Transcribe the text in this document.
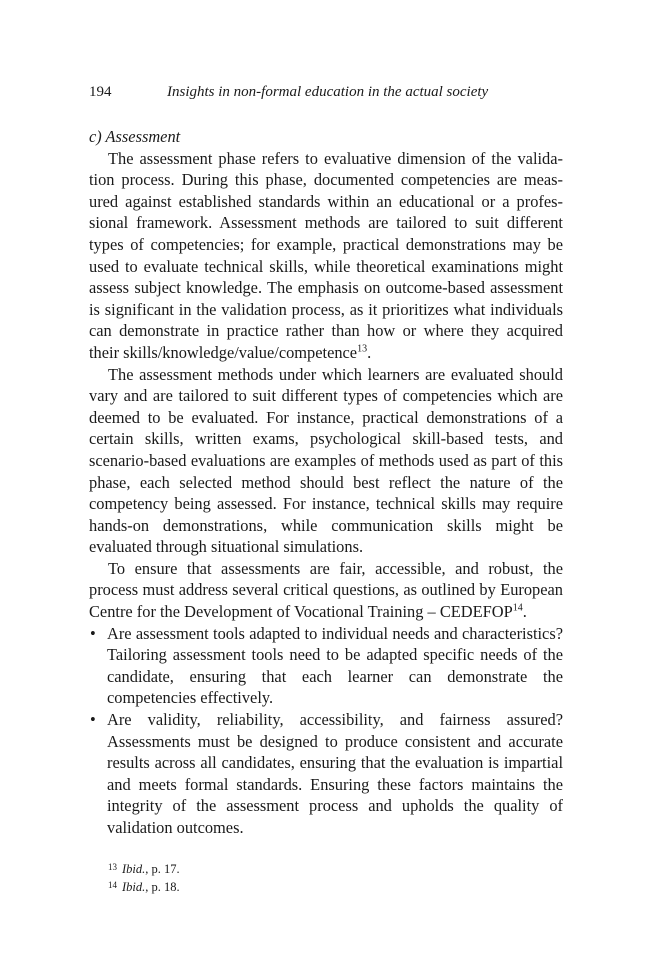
194	Insights in non-formal education in the actual society

c) Assessment

The assessment phase refers to evaluative dimension of the validation process. During this phase, documented competencies are measured against established standards within an educational or a professional framework. Assessment methods are tailored to suit different types of competencies; for example, practical demonstrations may be used to evaluate technical skills, while theoretical examinations might assess subject knowledge. The emphasis on outcome-based assessment is significant in the validation process, as it prioritizes what individuals can demonstrate in practice rather than how or where they acquired their skills/knowledge/value/competence$^{13}$.

The assessment methods under which learners are evaluated should vary and are tailored to suit different types of competencies which are deemed to be evaluated. For instance, practical demonstrations of a certain skills, written exams, psychological skill-based tests, and scenario-based evaluations are examples of methods used as part of this phase, each selected method should best reflect the nature of the competency being assessed. For instance, technical skills may require hands-on demonstrations, while communication skills might be evaluated through situational simulations.

To ensure that assessments are fair, accessible, and robust, the process must address several critical questions, as outlined by European Centre for the Development of Vocational Training – CEDEFOP$^{14}$.

• Are assessment tools adapted to individual needs and characteristics? Tailoring assessment tools need to be adapted specific needs of the candidate, ensuring that each learner can demonstrate the competencies effectively.
• Are validity, reliability, accessibility, and fairness assured? Assessments must be designed to produce consistent and accurate results across all candidates, ensuring that the evaluation is impartial and meets formal standards. Ensuring these factors maintains the integrity of the assessment process and upholds the quality of validation outcomes.

13 Ibid., p. 17.

14 Ibid., p. 18.
